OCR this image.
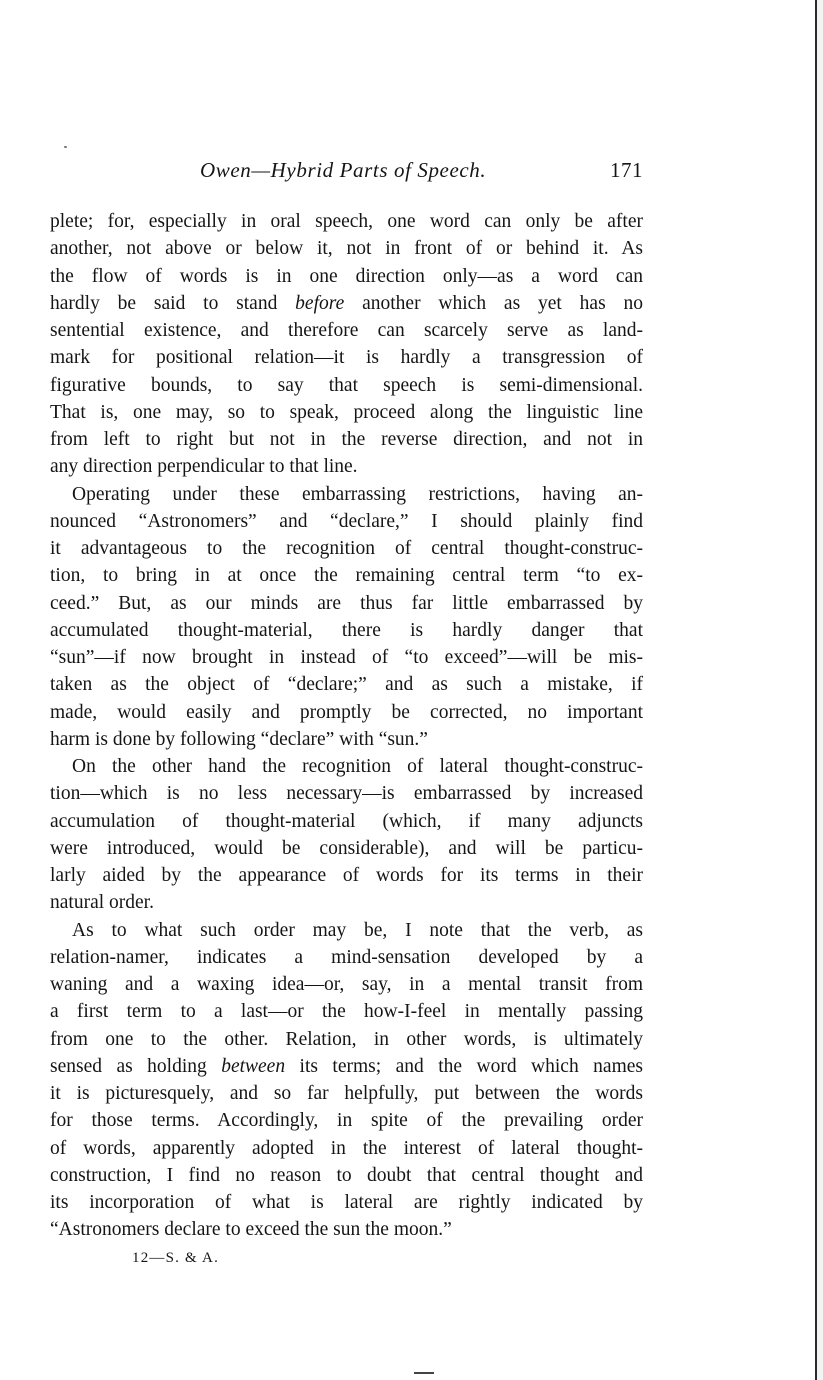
Owen—Hybrid Parts of Speech.	171
plete; for, especially in oral speech, one word can only be after
another, not above or below it, not in front of or behind it. As
the flow of words is in one direction only—as a word can
hardly be said to stand before another which as yet has no
sentential existence, and therefore can scarcely serve as land-
mark for positional relation—it is hardly a transgression of
figurative bounds, to say that speech is semi-dimensional.
That is, one may, so to speak, proceed along the linguistic line
from left to right but not in the reverse direction, and not in
any direction perpendicular to that line.
Operating under these embarrassing restrictions, having an-
nounced “Astronomers” and “declare,” I should plainly find
it advantageous to the recognition of central thought-construc-
tion, to bring in at once the remaining central term “to ex-
ceed.” But, as our minds are thus far little embarrassed by
accumulated thought-material, there is hardly danger that
“sun”—if now brought in instead of “to exceed”—will be mis-
taken as the object of “declare;” and as such a mistake, if
made, would easily and promptly be corrected, no important
harm is done by following “declare” with “sun.”
On the other hand the recognition of lateral thought-construc-
tion—which is no less necessary—is embarrassed by increased
accumulation of thought-material (which, if many adjuncts
were introduced, would be considerable), and will be particu-
larly aided by the appearance of words for its terms in their
natural order.
As to what such order may be, I note that the verb, as
relation-namer, indicates a mind-sensation developed by a
waning and a waxing idea—or, say, in a mental transit from
a first term to a last—or the how-I-feel in mentally passing
from one to the other. Relation, in other words, is ultimately
sensed as holding between its terms; and the word which names
it is picturesquely, and so far helpfully, put between the words
for those terms. Accordingly, in spite of the prevailing order
of words, apparently adopted in the interest of lateral thought-
construction, I find no reason to doubt that central thought and
its incorporation of what is lateral are rightly indicated by
“Astronomers declare to exceed the sun the moon.”
12—S. & A.
